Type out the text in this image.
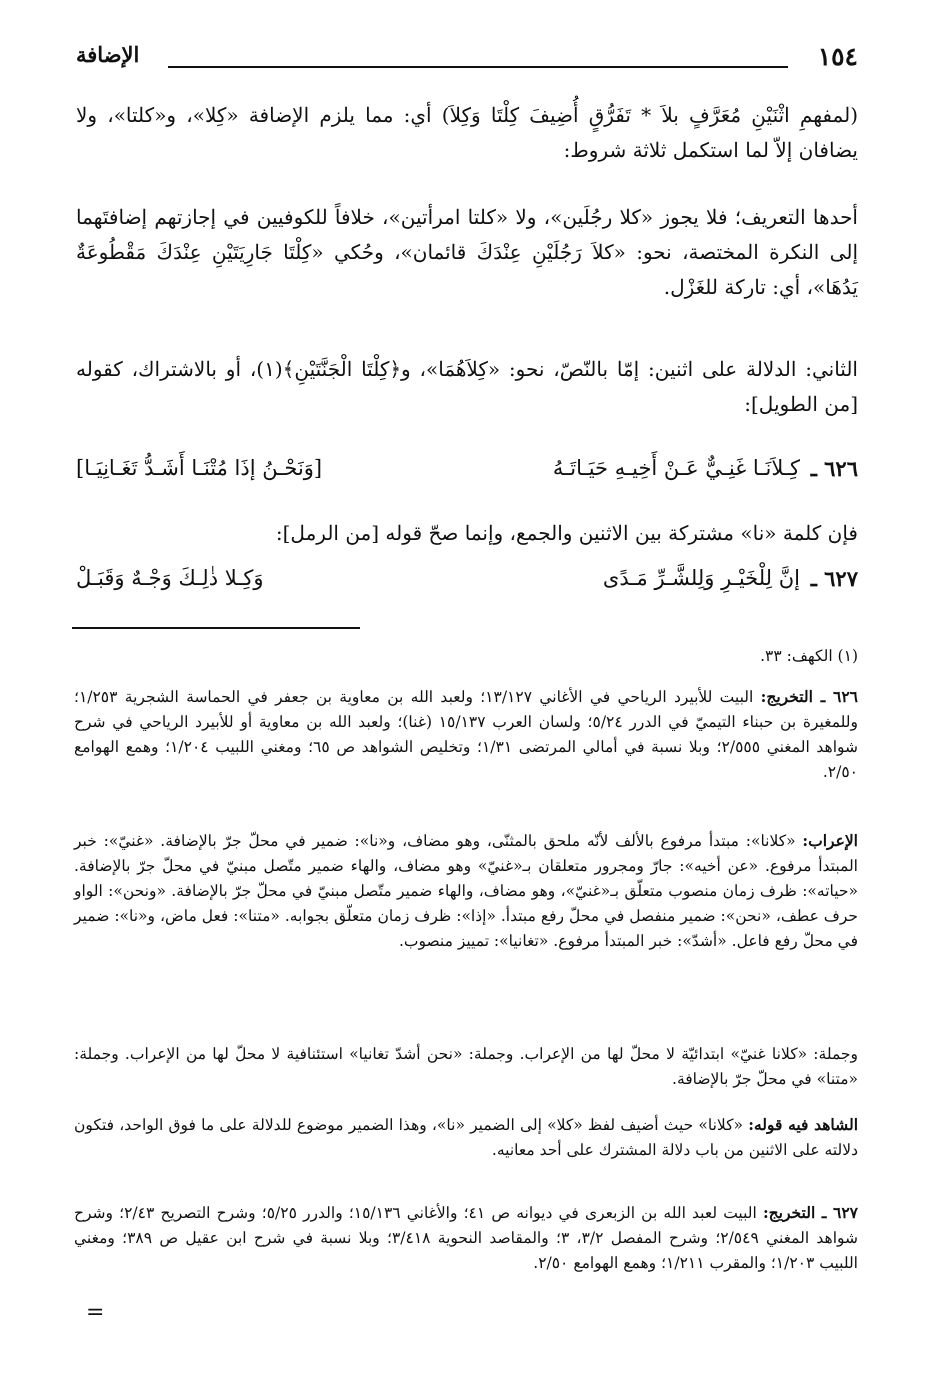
١٥٤
الإضافة

(لمفهمِ اثْنَيْنِ مُعَرَّفٍ بلاَ * تَفَرُّقٍ أُضِيفَ كِلْتَا وَكِلاَ) أي: مما يلزم الإضافة «كِلا»، و«كلتا»، ولا يضافان إلاّ لما استكمل ثلاثة شروط:

أحدها التعريف؛ فلا يجوز «كلا رجُلَين»، ولا «كلتا امرأتين»، خلافاً للكوفيين في إجازتهم إضافتَهما إلى النكرة المختصة، نحو: «كلاَ رَجُلَيْنِ عِنْدَكَ قائمان»، وحُكي «كِلْتَا جَارِيَتَيْنِ عِنْدَكَ مَقْطُوعَةٌ يَدُهَا»، أي: تاركة للغَزْل.

الثاني: الدلالة على اثنين: إمّا بالنّصّ، نحو: «كِلاَهُمَا»، و﴿كِلْتَا الْجَنَّتَيْنِ﴾(١)، أو بالاشتراك، كقوله [من الطويل]:

٦٢٦ ـ
كِـلاَنَـا غَنِـيٌّ عَـنْ أَخِيـهِ حَيَـاتَـهُ
[وَنَحْـنُ إذَا مُتْنَـا أَشَـدُّ تَغَـانِيَـا]

فإن كلمة «نا» مشتركة بين الاثنين والجمع، وإنما صحّ قوله [من الرمل]:

٦٢٧ ـ
إنَّ لِلْخَيْـرِ وَلِلشَّـرِّ مَـدًى
وَكِـلا ذٰلِـكَ وَجْـهٌ وَقَبَـلْ

(١) الكهف: ٣٣.

٦٢٦ ـ التخريج: البيت للأبيرد الرياحي في الأغاني ١٣/١٢٧؛ ولعبد الله بن معاوية بن جعفر في الحماسة الشجرية ١/٢٥٣؛ وللمغيرة بن حبناء التيميّ في الدرر ٥/٢٤؛ ولسان العرب ١٥/١٣٧ (غنا)؛ ولعبد الله بن معاوية أو للأبيرد الرياحي في شرح شواهد المغني ٢/٥٥٥؛ وبلا نسبة في أمالي المرتضى ١/٣١؛ وتخليص الشواهد ص ٦٥؛ ومغني اللبيب ١/٢٠٤؛ وهمع الهوامع ٢/٥٠.

الإعراب: «كلانا»: مبتدأ مرفوع بالألف لأنّه ملحق بالمثنّى، وهو مضاف، و«نا»: ضمير في محلّ جرّ بالإضافة. «غنيّ»: خبر المبتدأ مرفوع. «عن أخيه»: جارّ ومجرور متعلقان بـ«غنيّ» وهو مضاف، والهاء ضمير متّصل مبنيّ في محلّ جرّ بالإضافة. «حياته»: ظرف زمان منصوب متعلّق بـ«غنيّ»، وهو مضاف، والهاء ضمير متّصل مبنيّ في محلّ جرّ بالإضافة. «ونحن»: الواو حرف عطف، «نحن»: ضمير منفصل في محلّ رفع مبتدأ. «إذا»: ظرف زمان متعلّق بجوابه. «متنا»: فعل ماض، و«نا»: ضمير في محلّ رفع فاعل. «أشدّ»: خبر المبتدأ مرفوع. «تغانيا»: تمييز منصوب.

وجملة: «كلانا غنيّ» ابتدائيّة لا محلّ لها من الإعراب. وجملة: «نحن أشدّ تغانيا» استئنافية لا محلّ لها من الإعراب. وجملة: «متنا» في محلّ جرّ بالإضافة.

الشاهد فيه قوله: «كلانا» حيث أضيف لفظ «كلا» إلى الضمير «نا»، وهذا الضمير موضوع للدلالة على ما فوق الواحد، فتكون دلالته على الاثنين من باب دلالة المشترك على أحد معانيه.

٦٢٧ ـ التخريج: البيت لعبد الله بن الزبعرى في ديوانه ص ٤١؛ والأغاني ١٥/١٣٦؛ والدرر ٥/٢٥؛ وشرح التصريح ٢/٤٣؛ وشرح شواهد المغني ٢/٥٤٩؛ وشرح المفصل ٣/٢، ٣؛ والمقاصد النحوية ٣/٤١٨؛ وبلا نسبة في شرح ابن عقيل ص ٣٨٩؛ ومغني اللبيب ١/٢٠٣؛ والمقرب ١/٢١١؛ وهمع الهوامع ٢/٥٠.

=
